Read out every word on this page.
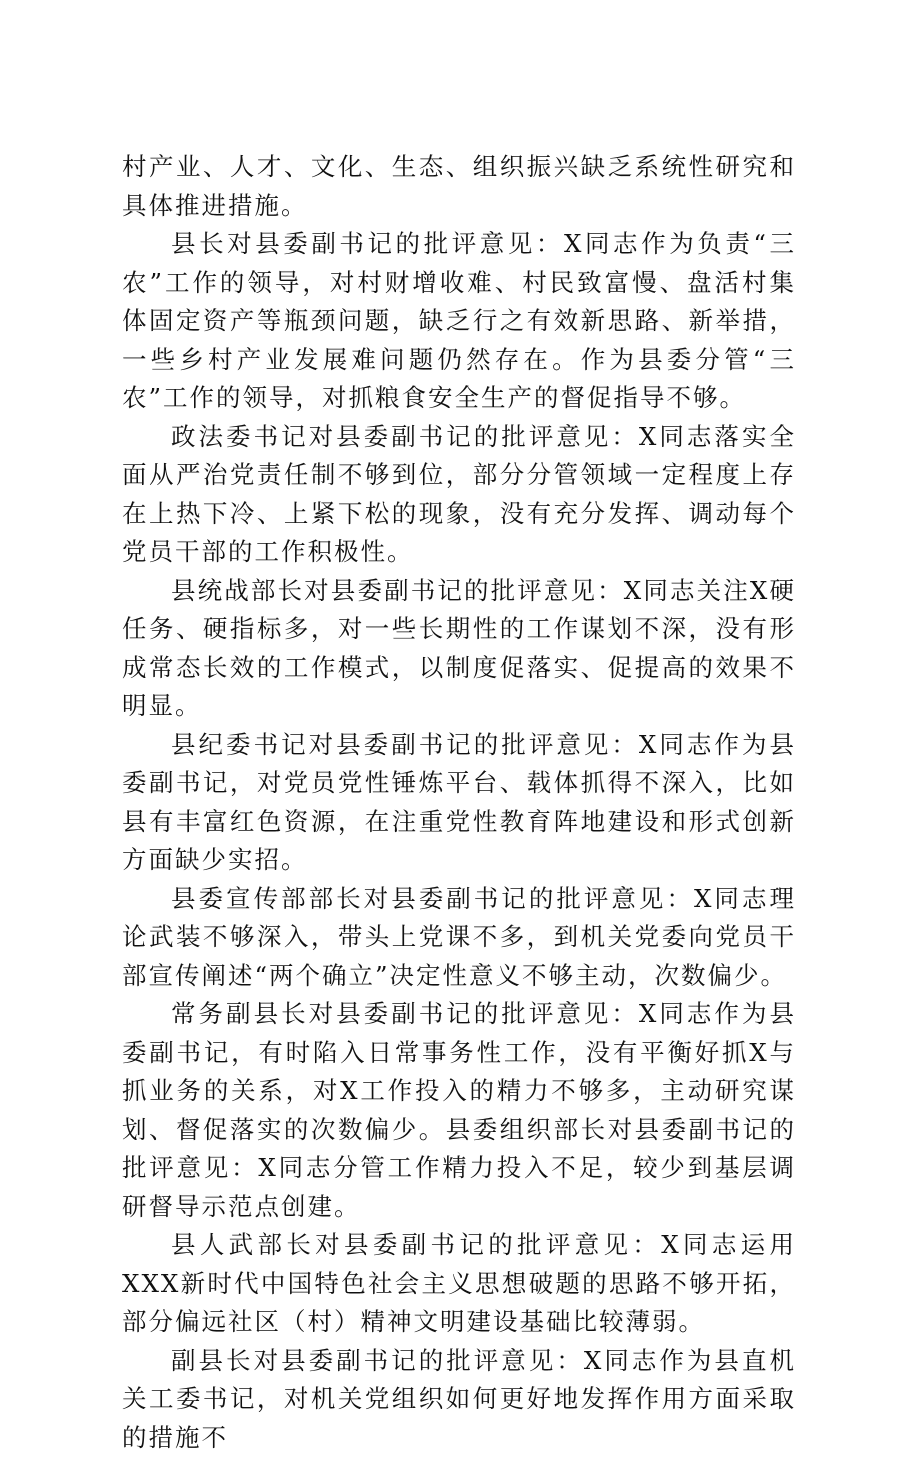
村产业、人才、文化、生态、组织振兴缺乏系统性研究和具体推进措施。

县长对县委副书记的批评意见：X同志作为负责“三农”工作的领导，对村财增收难、村民致富慢、盘活村集体固定资产等瓶颈问题，缺乏行之有效新思路、新举措，一些乡村产业发展难问题仍然存在。作为县委分管“三农”工作的领导，对抓粮食安全生产的督促指导不够。

政法委书记对县委副书记的批评意见：X同志落实全面从严治党责任制不够到位，部分分管领域一定程度上存在上热下冷、上紧下松的现象，没有充分发挥、调动每个党员干部的工作积极性。

县统战部长对县委副书记的批评意见：X同志关注X硬任务、硬指标多，对一些长期性的工作谋划不深，没有形成常态长效的工作模式，以制度促落实、促提高的效果不明显。

县纪委书记对县委副书记的批评意见：X同志作为县委副书记，对党员党性锤炼平台、载体抓得不深入，比如县有丰富红色资源，在注重党性教育阵地建设和形式创新方面缺少实招。

县委宣传部部长对县委副书记的批评意见：X同志理论武装不够深入，带头上党课不多，到机关党委向党员干部宣传阐述“两个确立”决定性意义不够主动，次数偏少。

常务副县长对县委副书记的批评意见：X同志作为县委副书记，有时陷入日常事务性工作，没有平衡好抓X与抓业务的关系，对X工作投入的精力不够多，主动研究谋划、督促落实的次数偏少。县委组织部长对县委副书记的批评意见：X同志分管工作精力投入不足，较少到基层调研督导示范点创建。

县人武部长对县委副书记的批评意见：X同志运用XXX新时代中国特色社会主义思想破题的思路不够开拓，部分偏远社区（村）精神文明建设基础比较薄弱。

副县长对县委副书记的批评意见：X同志作为县直机关工委书记，对机关党组织如何更好地发挥作用方面采取的措施不
